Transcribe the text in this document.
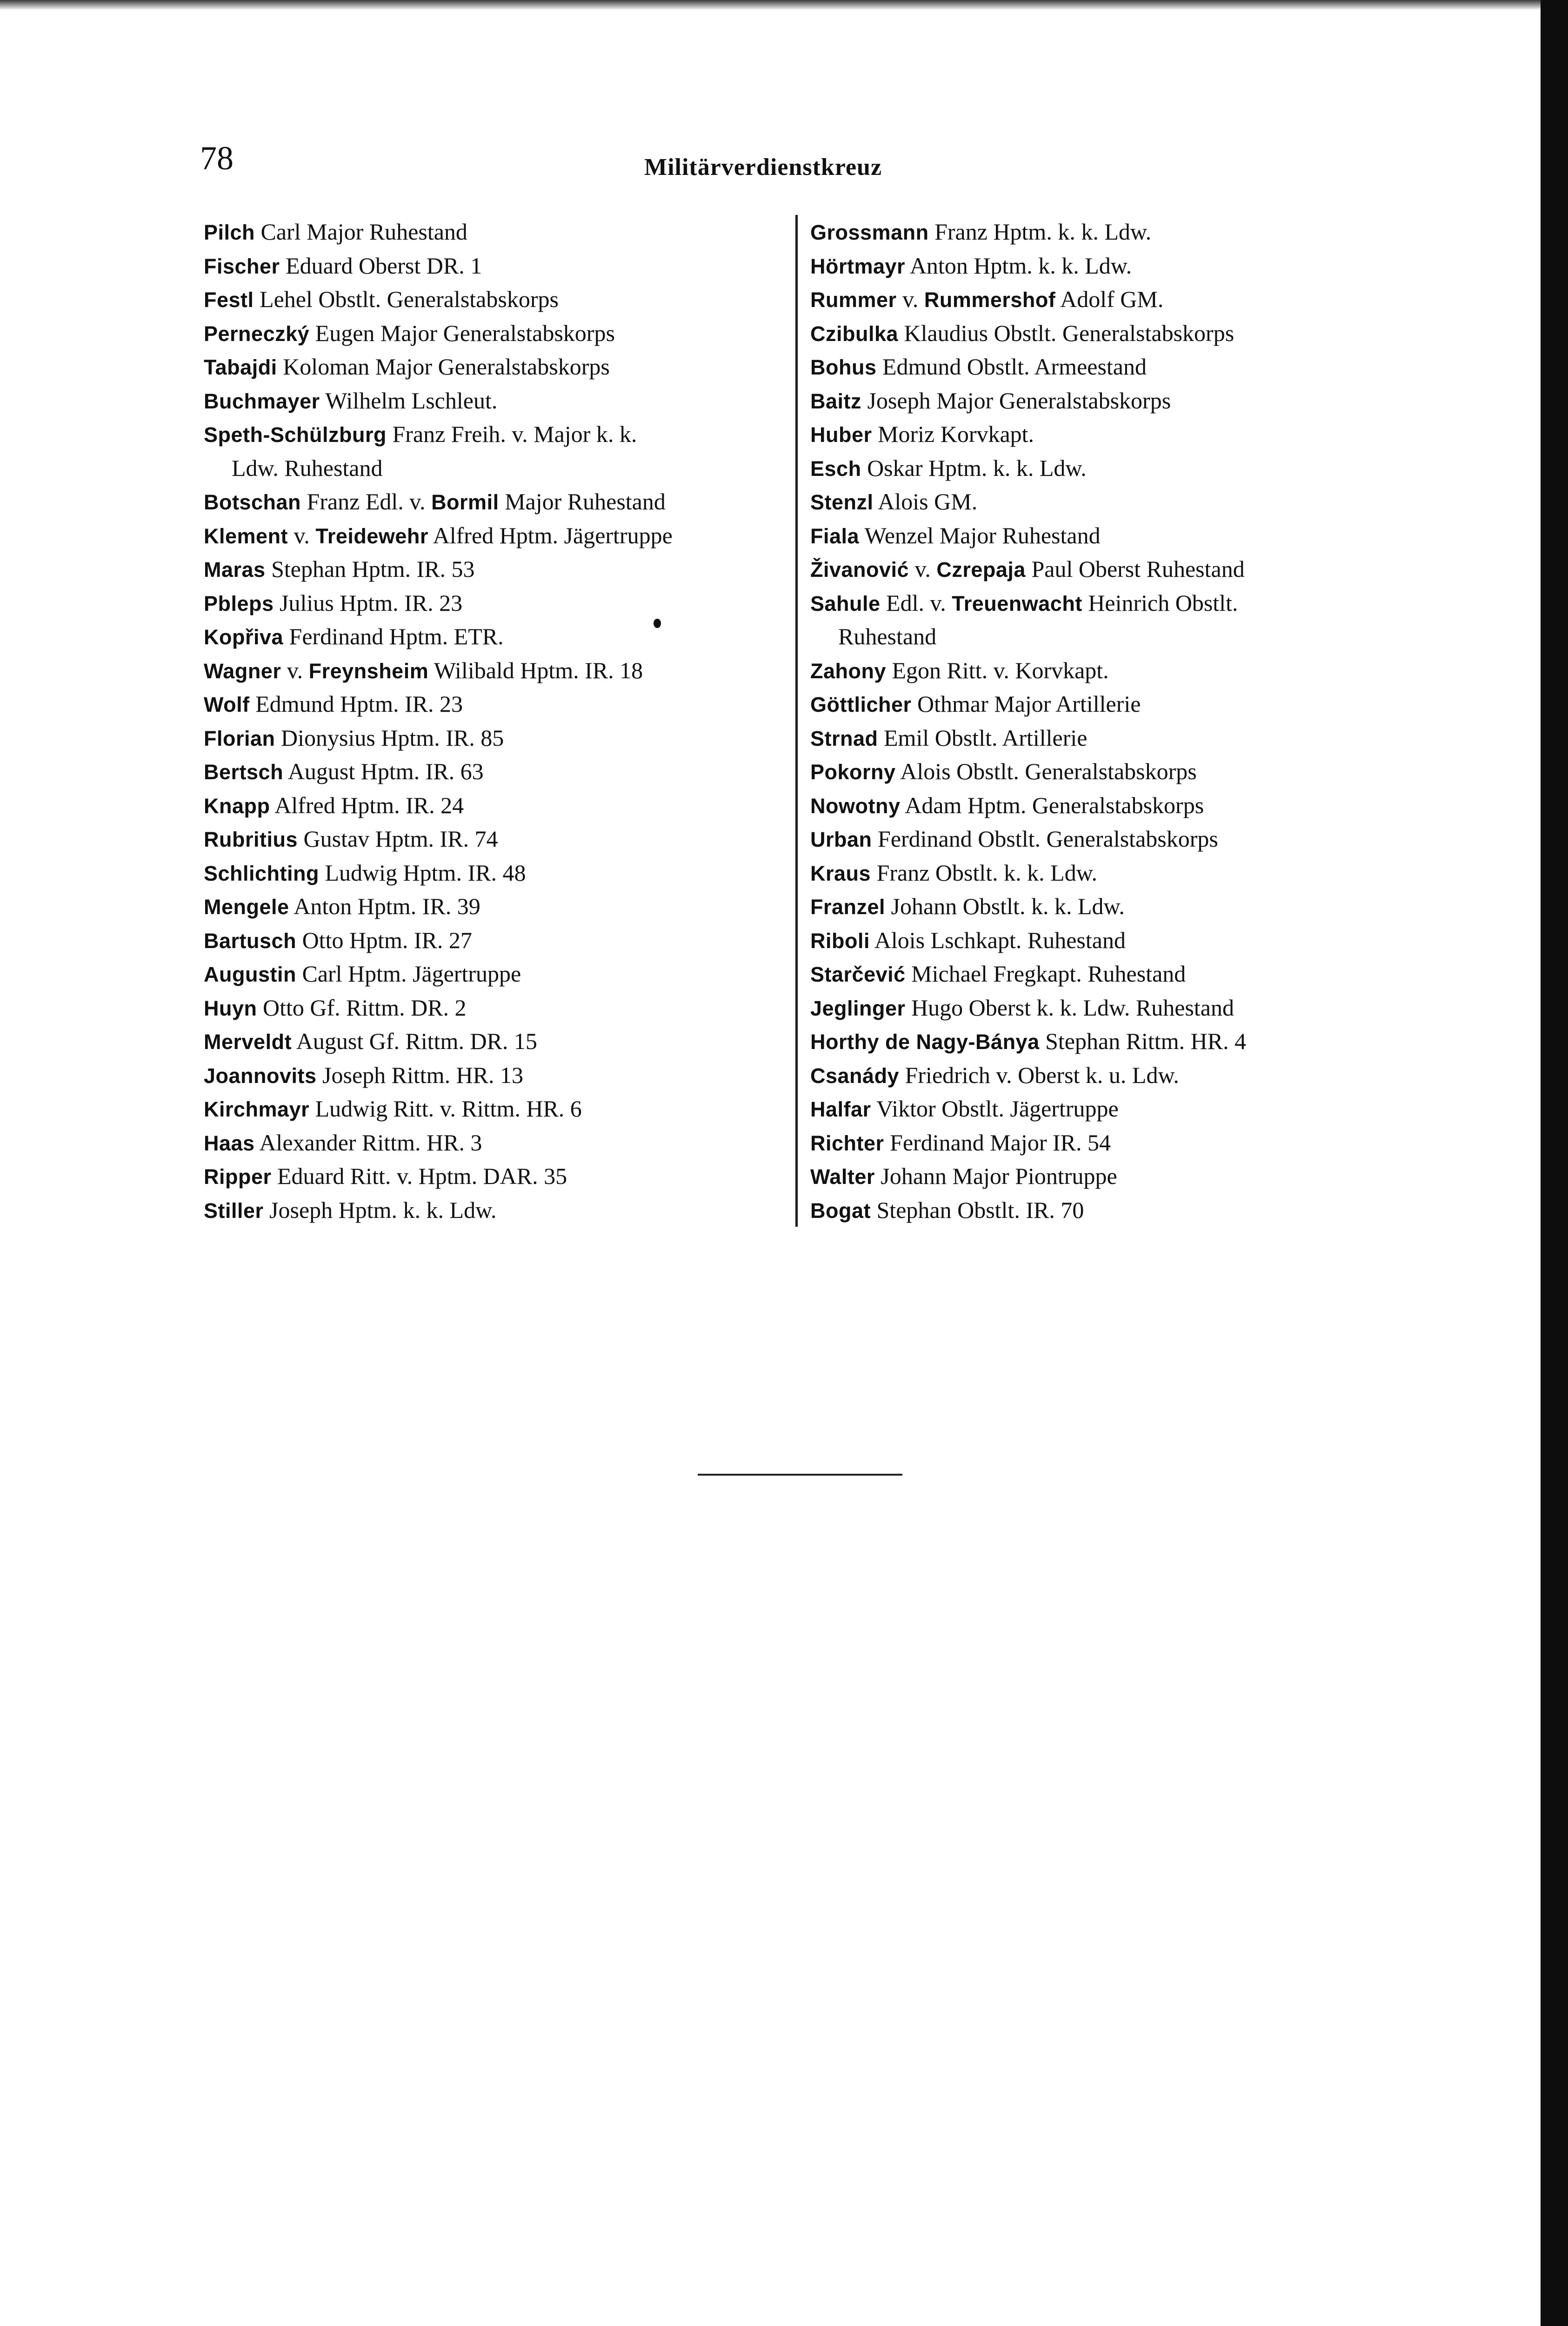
78	Militärverdienstkreuz
Pilch Carl Major Ruhestand
Fischer Eduard Oberst DR. 1
Festl Lehel Obstlt. Generalstabskorps
Perneczký Eugen Major Generalstabskorps
Tabajdi Koloman Major Generalstabskorps
Buchmayer Wilhelm Lschleut.
Speth-Schülzburg Franz Freih. v. Major k. k.
Ldw. Ruhestand
Botschan Franz Edl. v. Bormil Major Ruhestand
Klement v. Treidewehr Alfred Hptm. Jägertruppe
Maras Stephan Hptm. IR. 53
Pbleps Julius Hptm. IR. 23
Kopřiva Ferdinand Hptm. ETR.
Wagner v. Freynsheim Wilibald Hptm. IR. 18
Wolf Edmund Hptm. IR. 23
Florian Dionysius Hptm. IR. 85
Bertsch August Hptm. IR. 63
Knapp Alfred Hptm. IR. 24
Rubritius Gustav Hptm. IR. 74
Schlichting Ludwig Hptm. IR. 48
Mengele Anton Hptm. IR. 39
Bartusch Otto Hptm. IR. 27
Augustin Carl Hptm. Jägertruppe
Huyn Otto Gf. Rittm. DR. 2
Merveldt August Gf. Rittm. DR. 15
Joannovits Joseph Rittm. HR. 13
Kirchmayr Ludwig Ritt. v. Rittm. HR. 6
Haas Alexander Rittm. HR. 3
Ripper Eduard Ritt. v. Hptm. DAR. 35
Stiller Joseph Hptm. k. k. Ldw.
Grossmann Franz Hptm. k. k. Ldw.
Hörtmayr Anton Hptm. k. k. Ldw.
Rummer v. Rummershof Adolf GM.
Czibulka Klaudius Obstlt. Generalstabskorps
Bohus Edmund Obstlt. Armeestand
Baitz Joseph Major Generalstabskorps
Huber Moriz Korvkapt.
Esch Oskar Hptm. k. k. Ldw.
Stenzl Alois GM.
Fiala Wenzel Major Ruhestand
Živanović v. Czrepaja Paul Oberst Ruhestand
Sahule Edl. v. Treuenwacht Heinrich Obstlt.
Ruhestand
Zahony Egon Ritt. v. Korvkapt.
Göttlicher Othmar Major Artillerie
Strnad Emil Obstlt. Artillerie
Pokorny Alois Obstlt. Generalstabskorps
Nowotny Adam Hptm. Generalstabskorps
Urban Ferdinand Obstlt. Generalstabskorps
Kraus Franz Obstlt. k. k. Ldw.
Franzel Johann Obstlt. k. k. Ldw.
Riboli Alois Lschkapt. Ruhestand
Starčević Michael Fregkapt. Ruhestand
Jeglinger Hugo Oberst k. k. Ldw. Ruhestand
Horthy de Nagy-Bánya Stephan Rittm. HR. 4
Csanády Friedrich v. Oberst k. u. Ldw.
Halfar Viktor Obstlt. Jägertruppe
Richter Ferdinand Major IR. 54
Walter Johann Major Piontruppe
Bogat Stephan Obstlt. IR. 70
